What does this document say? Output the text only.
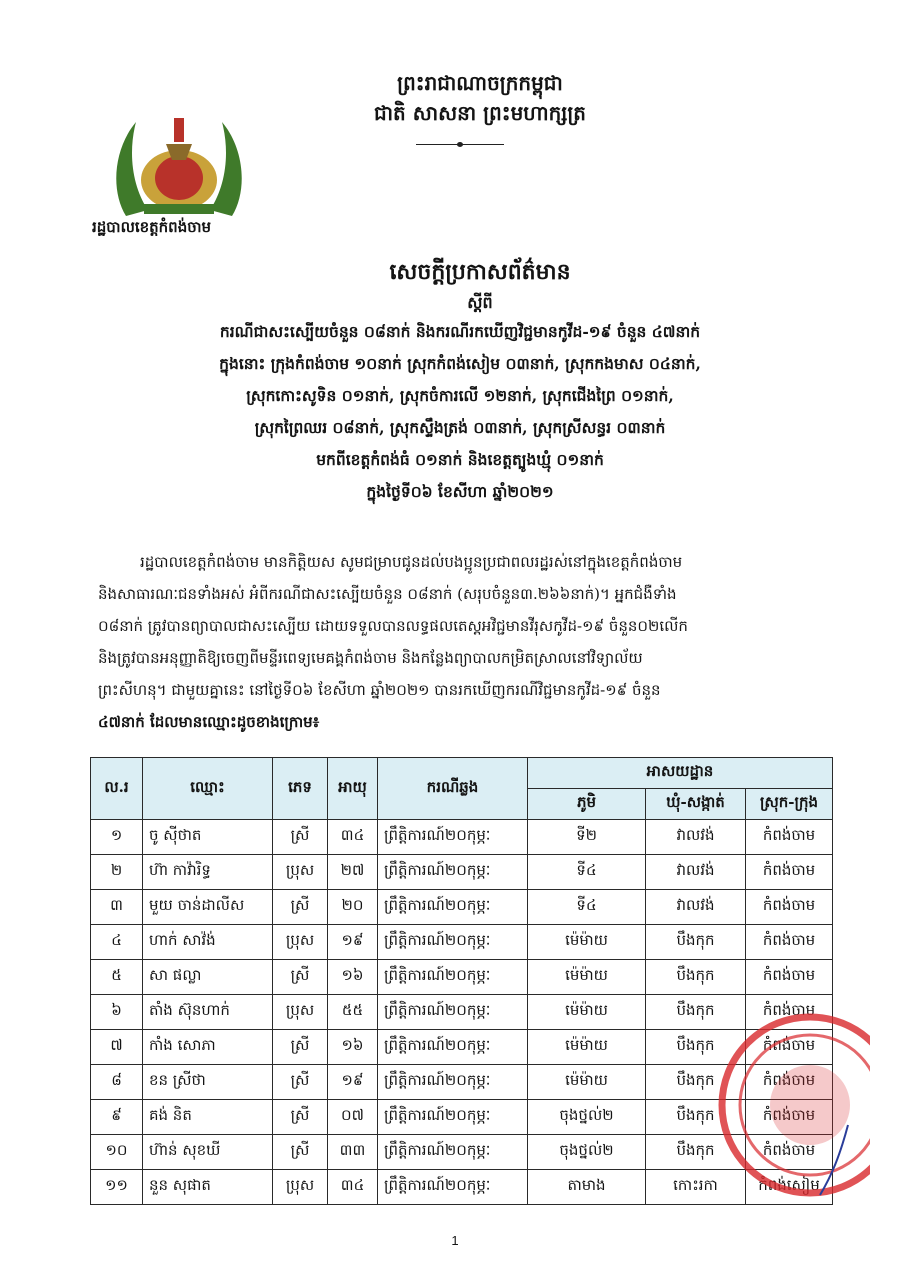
ព្រះរាជាណាចក្រកម្ពុជា
ជាតិ សាសនា ព្រះមហាក្សត្រ
រដ្ឋបាលខេត្តកំពង់ចាម
សេចក្តីប្រកាសព័ត៌មាន
ស្តីពី
ករណីជាសះស្បើយចំនួន ០៨នាក់ និងករណីរកឃើញវិជ្ជមានកូវីដ-១៩ ចំនួន ៤៧នាក់
ក្នុងនោះ ក្រុងកំពង់ចាម ១០នាក់ ស្រុកកំពង់សៀម ០៣នាក់, ស្រុកកងមាស ០៤នាក់,
ស្រុកកោះសូទិន ០១នាក់, ស្រុកចំការលើ ១២នាក់, ស្រុកជើងព្រៃ ០១នាក់,
ស្រុកព្រៃឈរ ០៨នាក់, ស្រុកស្ទឹងត្រង់ ០៣នាក់, ស្រុកស្រីសន្ធរ ០៣នាក់
មកពីខេត្តកំពង់ធំ ០១នាក់ និងខេត្តត្បូងឃ្មុំ ០១នាក់
ក្នុងថ្ងៃទី០៦ ខែសីហា ឆ្នាំ២០២១
រដ្ឋបាលខេត្តកំពង់ចាម មានកិត្តិយស សូមជម្រាបជូនដល់បងប្អូនប្រជាពលរដ្ឋរស់នៅក្នុងខេត្តកំពង់ចាម
និងសាធារណៈជនទាំងអស់ អំពីករណីជាសះស្បើយចំនួន ០៨នាក់ (សរុបចំនួន៣.២៦៦នាក់)។ អ្នកជំងឺទាំង
០៨នាក់ ត្រូវបានព្យាបាលជាសះស្បើយ ដោយទទួលបានលទ្ធផលតេស្តអវិជ្ជមានវីរុសកូវីដ-១៩ ចំនួន០២លើក
និងត្រូវបានអនុញ្ញាតិឱ្យចេញពីមន្ទីរពេទ្យមេគង្គកំពង់ចាម និងកន្លែងព្យាបាលកម្រិតស្រាលនៅវិទ្យាល័យ
ព្រះសីហនុ។ ជាមួយគ្នានេះ នៅថ្ងៃទី០៦ ខែសីហា ឆ្នាំ២០២១ បានរកឃើញករណីវិជ្ជមានកូវីដ-១៩ ចំនួន
៤៧នាក់ ដែលមានឈ្មោះដូចខាងក្រោម៖
ល.រ	ឈ្មោះ	ភេទ	អាយុ	ករណីឆ្លង	អាសយដ្ឋាន		
					ភូមិ	ឃុំ-សង្កាត់	ស្រុក-ក្រុង
១	ចូ ស៊ីថាត	ស្រី	៣៤	ព្រឹត្តិការណ៍២០កុម្ភៈ	ទី២	វាលវង់	កំពង់ចាម
២	ហ៊ា កាវ៉ារិទ្ធ	ប្រុស	២៧	ព្រឹត្តិការណ៍២០កុម្ភៈ	ទី៤	វាលវង់	កំពង់ចាម
៣	មួយ ចាន់ដាលីស	ស្រី	២០	ព្រឹត្តិការណ៍២០កុម្ភៈ	ទី៤	វាលវង់	កំពង់ចាម
៤	ហាក់ សាវ៉ង់	ប្រុស	១៩	ព្រឹត្តិការណ៍២០កុម្ភៈ	ម៉េម៉ាយ	បឹងកុក	កំពង់ចាម
៥	សា ផល្លា	ស្រី	១៦	ព្រឹត្តិការណ៍២០កុម្ភៈ	ម៉េម៉ាយ	បឹងកុក	កំពង់ចាម
៦	តាំង ស៊ុនហាក់	ប្រុស	៥៥	ព្រឹត្តិការណ៍២០កុម្ភៈ	ម៉េម៉ាយ	បឹងកុក	កំពង់ចាម
៧	កាំង សោភា	ស្រី	១៦	ព្រឹត្តិការណ៍២០កុម្ភៈ	ម៉េម៉ាយ	បឹងកុក	កំពង់ចាម
៨	ខន ស្រីថា	ស្រី	១៩	ព្រឹត្តិការណ៍២០កុម្ភៈ	ម៉េម៉ាយ	បឹងកុក	កំពង់ចាម
៩	គង់ និត	ស្រី	០៧	ព្រឹត្តិការណ៍២០កុម្ភៈ	ចុងថ្នល់២	បឹងកុក	កំពង់ចាម
១០	ហ៊ាន់ សុខឃី	ស្រី	៣៣	ព្រឹត្តិការណ៍២០កុម្ភៈ	ចុងថ្នល់២	បឹងកុក	កំពង់ចាម
១១	នួន សុផាត	ប្រុស	៣៤	ព្រឹត្តិការណ៍២០កុម្ភៈ	តាមាង	កោះរកា	កំពង់សៀម
1
